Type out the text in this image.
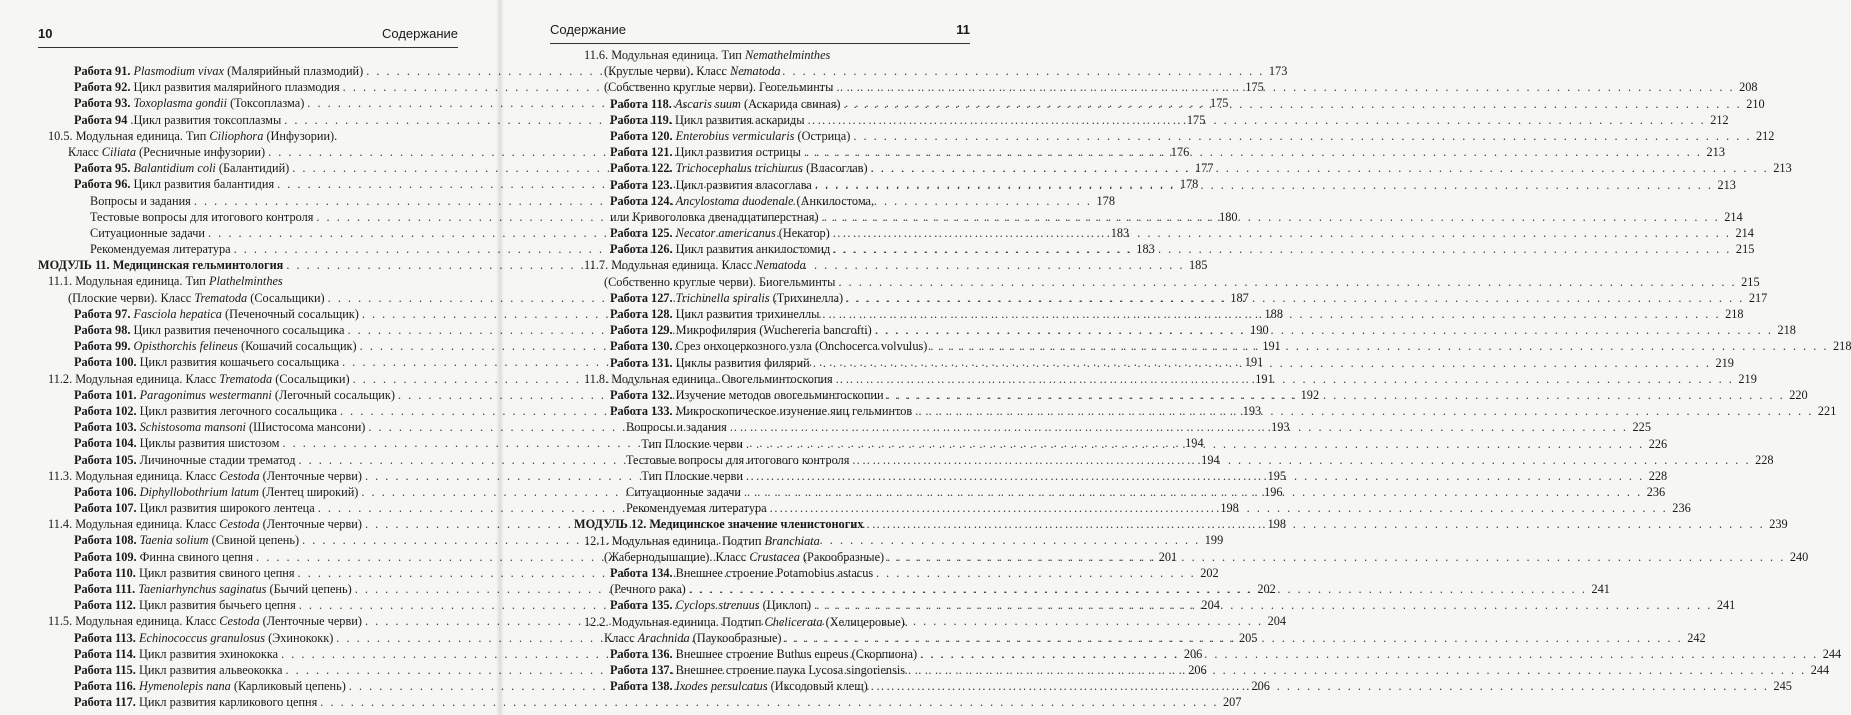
10	Содержание
Работа 91. Plasmodium vivax (Малярийный плазмодий) . . .	173
Работа 92. Цикл развития малярийного плазмодия . . .	175
Работа 93. Toxoplasma gondii (Токсоплазма) . . .	175
Работа 94 .Цикл развития токсоплазмы . . .	175
10.5. Модульная единица. Тип Ciliophora (Инфузории).
Класс Ciliata (Ресничные инфузории) . . .	176
Работа 95. Balantidium coli (Балантидий) . . .	177
Работа 96. Цикл развития балантидия . . .	178
Вопросы и задания . . .	178
Тестовые вопросы для итогового контроля . . .	180
Ситуационные задачи . . .	183
Рекомендуемая литература . . .	183
МОДУЛЬ 11. Медицинская гельминтология . . .	185
11.1. Модульная единица. Тип Plathelminthes
(Плоские черви). Класс Trematoda (Сосальщики) . . .	187
Работа 97. Fasciola hepatica (Печеночный сосальщик) . . .	188
Работа 98. Цикл развития печеночного сосальщика . . .	190
Работа 99. Opisthorchis felineus (Кошачий сосальщик) . . .	191
Работа 100. Цикл развития кошачьего сосальщика . . .	191
11.2. Модульная единица. Класс Trematoda (Сосальщики) . . .	191
Работа 101. Paragonimus westermanni (Легочный сосальщик) . . .	192
Работа 102. Цикл развития легочного сосальщика . . .	193
Работа 103. Schistosoma mansoni (Шистосома мансони) . . .	193
Работа 104. Циклы развития шистозом . . .	194
Работа 105. Личиночные стадии трематод . . .	194
11.3. Модульная единица. Класс Cestoda (Ленточные черви) . . .	195
Работа 106. Diphyllobothrium latum (Лентец широкий) . . .	196
Работа 107. Цикл развития широкого лентеца . . .	198
11.4. Модульная единица. Класс Cestoda (Ленточные черви) . . .	198
Работа 108. Taenia solium (Свиной цепень) . . .	199
Работа 109. Финна свиного цепня . . .	201
Работа 110. Цикл развития свиного цепня . . .	202
Работа 111. Taeniarhynchus saginatus (Бычий цепень) . . .	202
Работа 112. Цикл развития бычьего цепня . . .	204
11.5. Модульная единица. Класс Cestoda (Ленточные черви) . . .	204
Работа 113. Echinococcus granulosus (Эхинококк) . . .	205
Работа 114. Цикл развития эхинококка . . .	206
Работа 115. Цикл развития альвеококка . . .	206
Работа 116. Hymenolepis nana (Карликовый цепень) . . .	206
Работа 117. Цикл развития карликового цепня . . .	207
Содержание	11
11.6. Модульная единица. Тип Nemathelminthes
(Круглые черви). Класс Nematoda
(Собственно круглые черви). Геогельминты . . .	208
Работа 118. Ascaris suum (Аскарида свиная) . . .	210
Работа 119. Цикл развития аскариды . . .	212
Работа 120. Enterobius vermicularis (Острица) . . .	212
Работа 121. Цикл развития острицы . . .	213
Работа 122. Trichocephalus trichiurus (Власоглав) . . .	213
Работа 123. Цикл развития власоглава . . .	213
Работа 124. Ancylostoma duodenale (Анкилостома,
или Кривоголовка двенадцатиперстная) . . .	214
Работа 125. Necator americanus (Некатор) . . .	214
Работа 126. Цикл развития анкилостомид . . .	215
11.7. Модульная единица. Класс Nematoda
(Собственно круглые черви). Биогельминты . . .	215
Работа 127. Trichinella spiralis (Трихинелла) . . .	217
Работа 128. Цикл развития трихинеллы . . .	218
Работа 129. Микрофилярия (Wuchereria bancrofti) . . .	218
Работа 130. Срез онхоцеркозного узла (Onchocerca volvulus) . . .	218
Работа 131. Циклы развития филярий . . .	219
11.8. Модульная единица. Овогельминтоскопия . . .	219
Работа 132. Изучение методов овогельминтоскопии . . .	220
Работа 133. Микроскопическое изучение яиц гельминтов . . .	221
Вопросы и задания . . .	225
Тип Плоские черви . . .	226
Тестовые вопросы для итогового контроля . . .	228
Тип Плоские черви . . .	228
Ситуационные задачи . . .	236
Рекомендуемая литература . . .	236
МОДУЛЬ 12. Медицинское значение членистоногих . . .	239
12.1. Модульная единица. Подтип Branchiata
(Жабернодышащие). Класс Crustacea (Ракообразные) . . .	240
Работа 134. Внешнее строение Potamobius astacus
(Речного рака) . . .	241
Работа 135. Cyclops strenuus (Циклоп) . . .	241
12.2. Модульная единица. Подтип Chelicerata (Хелицеровые).
Класс Arachnida (Паукообразные) . . .	242
Работа 136. Внешнее строение Buthus eupeus (Скорпиона) . . .	244
Работа 137. Внешнее строение паука Lycosa singoriensis . . .	244
Работа 138. Ixodes persulcatus (Иксодовый клещ) . . .	245
